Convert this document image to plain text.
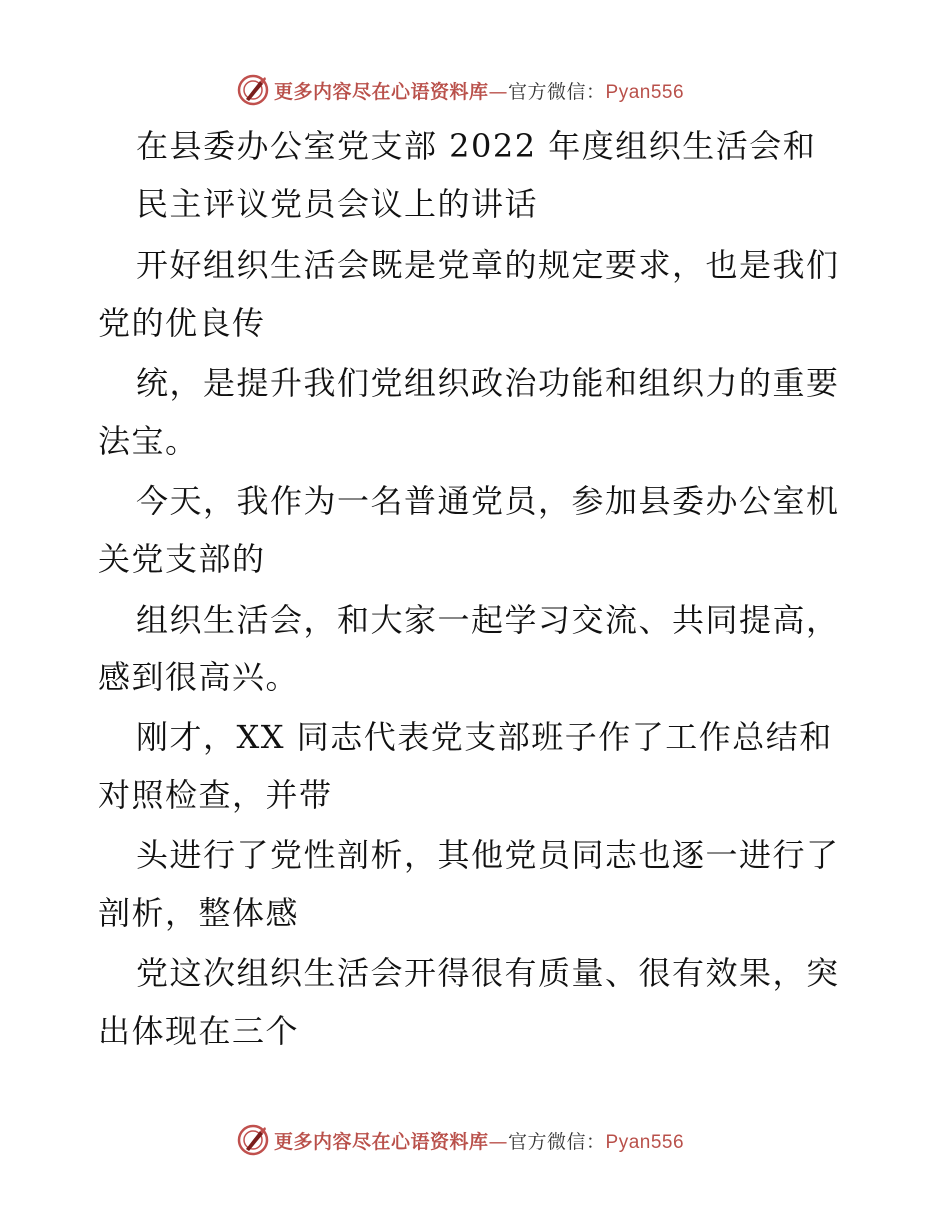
更多内容尽在心语资料库—官方微信：Pyan556
在县委办公室党支部 2022 年度组织生活会和
民主评议党员会议上的讲话
开好组织生活会既是党章的规定要求，也是我们
党的优良传
统，是提升我们党组织政治功能和组织力的重要
法宝。
今天，我作为一名普通党员，参加县委办公室机
关党支部的
组织生活会，和大家一起学习交流、共同提高，
感到很高兴。
刚才，XX 同志代表党支部班子作了工作总结和
对照检查，并带
头进行了党性剖析，其他党员同志也逐一进行了
剖析，整体感
党这次组织生活会开得很有质量、很有效果，突
出体现在三个
更多内容尽在心语资料库—官方微信：Pyan556
